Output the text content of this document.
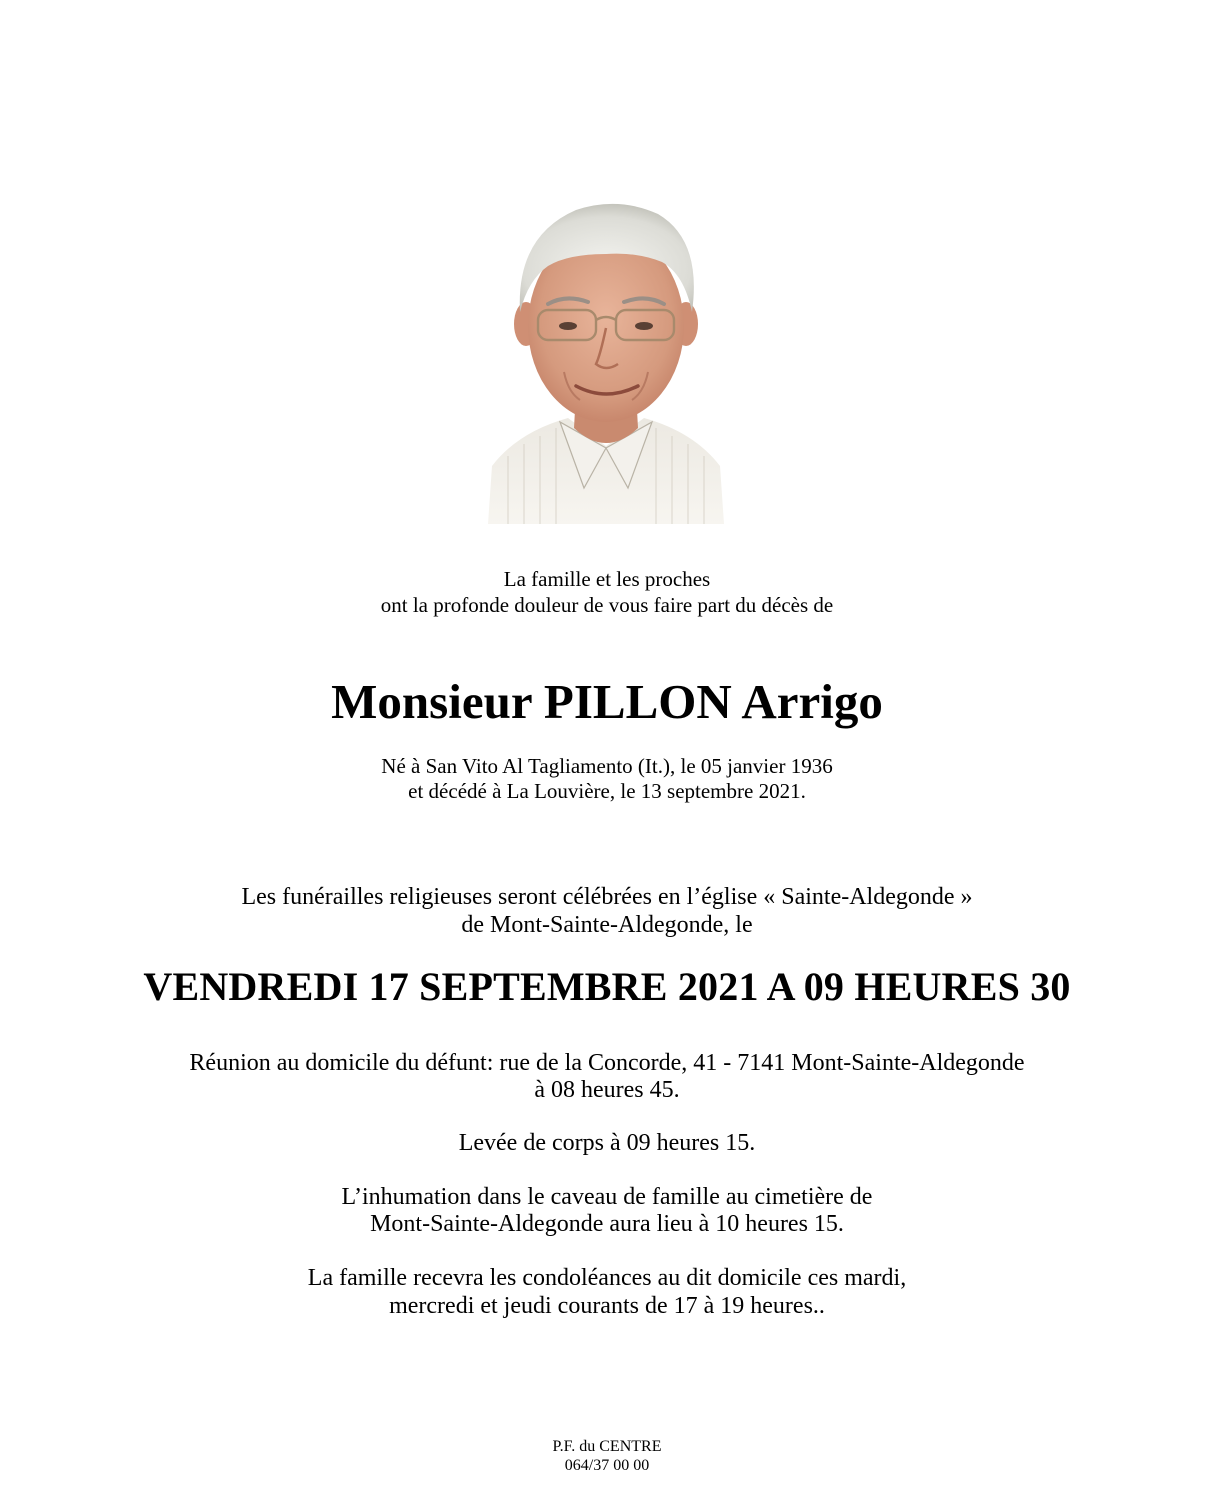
La famille et les proches
ont la profonde douleur de vous faire part du décès de
Monsieur PILLON Arrigo
Né à San Vito Al Tagliamento (It.), le 05 janvier 1936
et décédé à La Louvière, le 13 septembre 2021.
Les funérailles religieuses seront célébrées en l’église « Sainte-Aldegonde »
de Mont-Sainte-Aldegonde, le
VENDREDI 17 SEPTEMBRE 2021 A 09 HEURES 30
Réunion au domicile du défunt: rue de la Concorde, 41 - 7141 Mont-Sainte-Aldegonde
à 08 heures 45.
Levée de corps à 09 heures 15.
L’inhumation dans le caveau de famille au cimetière de
Mont-Sainte-Aldegonde aura lieu à 10 heures 15.
La famille recevra les condoléances au dit domicile ces mardi,
mercredi et jeudi courants de 17 à 19 heures..
P.F. du CENTRE
064/37 00 00
